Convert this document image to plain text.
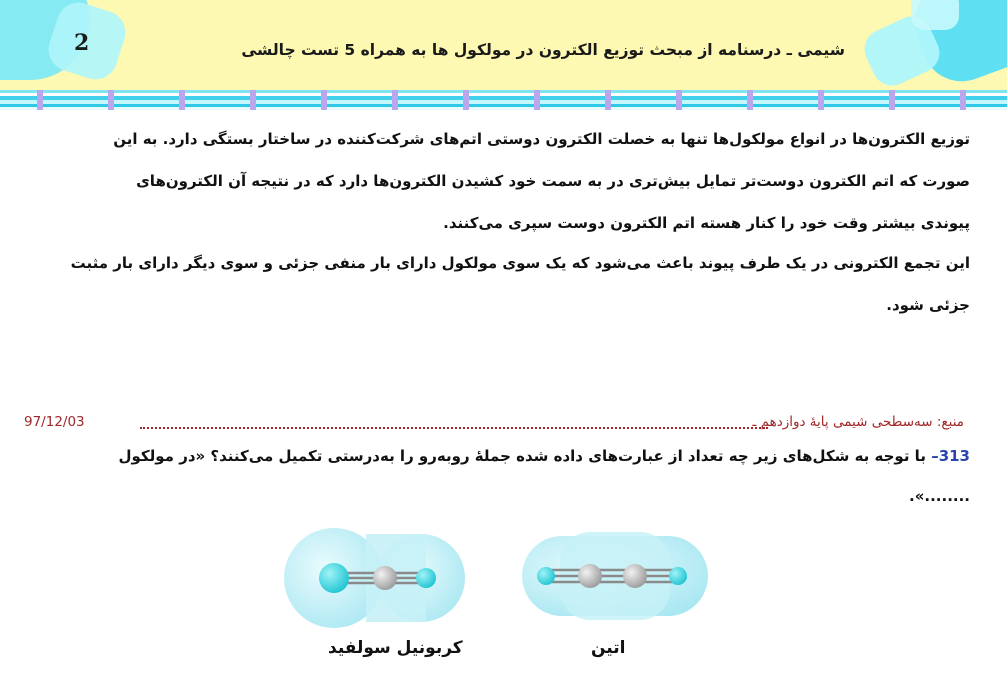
2	شیمی ـ درسنامه از مبحث توزیع الکترون در مولکول ها به همراه 5 تست چالشی
توزیع الکترون‌ها در انواع مولکول‌ها تنها به خصلت الکترون دوستی اتم‌های شرکت‌کننده در ساختار بستگی دارد. به این
صورت که اتم الکترون دوست‌تر تمایل بیش‌تری در به سمت خود کشیدن الکترون‌ها دارد که در نتیجه آن الکترون‌های
پیوندی بیشتر وقت خود را کنار هسته اتم الکترون دوست سپری می‌کنند.
این تجمع الکترونی در یک طرف پیوند باعث می‌شود که یک سوی مولکول دارای بار منفی جزئی و سوی دیگر دارای بار مثبت
جزئی شود.
منبع: سه‌سطحی شیمی پایهٔ دوازدهم ـ
97/12/03
313– با توجه به شکل‌های زیر چه تعداد از عبارت‌های داده شده جملهٔ روبه‌رو را به‌درستی تکمیل می‌کنند؟ «در مولکول
........».
کربونیل سولفید	اتین
